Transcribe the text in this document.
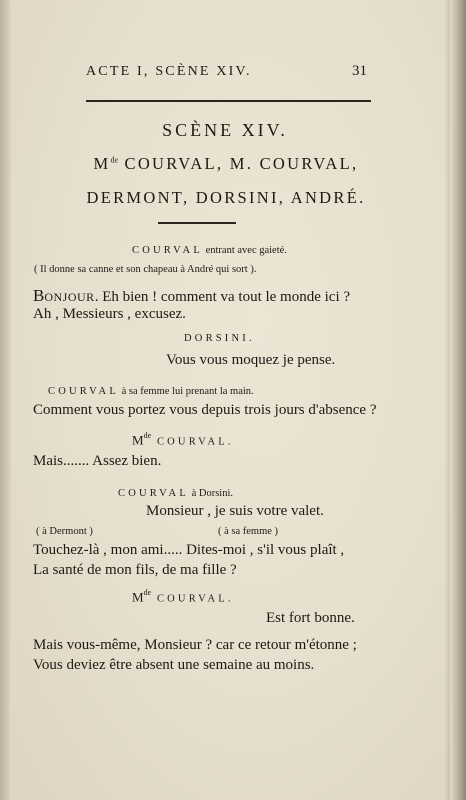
ACTE I, SCÈNE XIV.	31
SCÈNE XIV.
Mde COURVAL, M. COURVAL,
DERMONT, DORSINI, ANDRÉ.
COURVAL entrant avec gaieté.
( Il donne sa canne et son chapeau à André qui sort ).
BONJOUR. Eh bien ! comment va tout le monde ici ?
Ah , Messieurs , excusez.
DORSINI.
Vous vous moquez je pense.
COURVAL à sa femme lui prenant la main.
Comment vous portez vous depuis trois jours d'absence ?
Mde COURVAL.
Mais....... Assez bien.
COURVAL à Dorsini.
Monsieur , je suis votre valet.
( à Dermont )	( à sa femme )
Touchez-là , mon ami..... Dites-moi , s'il vous plaît ,
La santé de mon fils, de ma fille ?
Mde COURVAL.
Est fort bonne.
Mais vous-même, Monsieur ? car ce retour m'étonne ;
Vous deviez être absent une semaine au moins.
